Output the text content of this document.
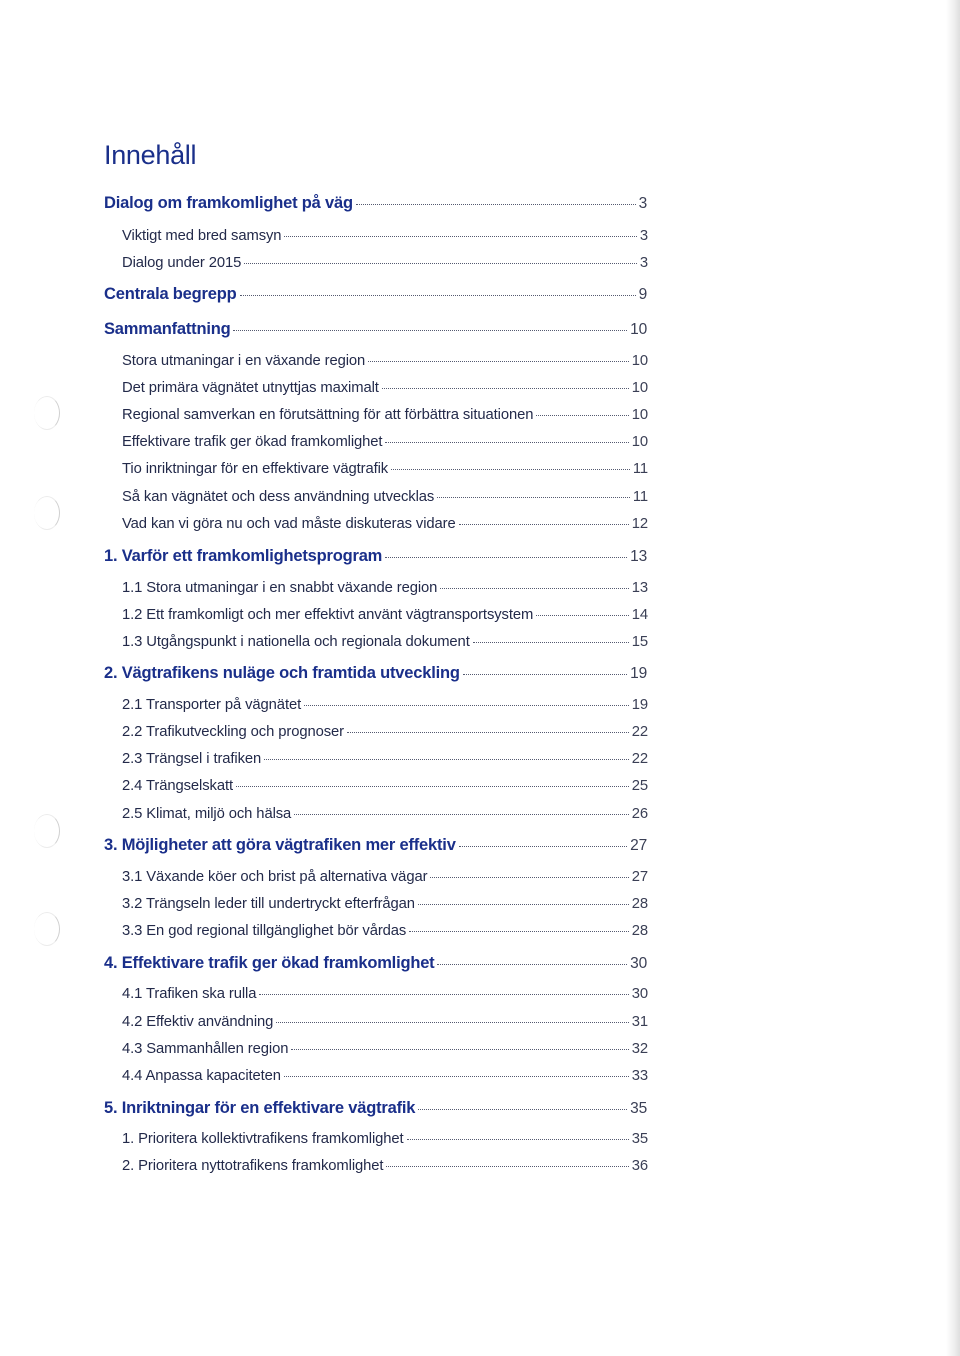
Innehåll
Dialog om framkomlighet på väg	3
Viktigt med bred samsyn	3
Dialog under 2015	3
Centrala begrepp	9
Sammanfattning	10
Stora utmaningar i en växande region	10
Det primära vägnätet utnyttjas maximalt	10
Regional samverkan en förutsättning för att förbättra situationen	10
Effektivare trafik ger ökad framkomlighet	10
Tio inriktningar för en effektivare vägtrafik	11
Så kan vägnätet och dess användning utvecklas	11
Vad kan vi göra nu och vad måste diskuteras vidare	12
1. Varför ett framkomlighetsprogram	13
1.1 Stora utmaningar i en snabbt växande region	13
1.2 Ett framkomligt och mer effektivt använt vägtransportsystem	14
1.3 Utgångspunkt i nationella och regionala dokument	15
2. Vägtrafikens nuläge och framtida utveckling	19
2.1 Transporter på vägnätet	19
2.2 Trafikutveckling och prognoser	22
2.3 Trängsel i trafiken	22
2.4 Trängselskatt	25
2.5 Klimat, miljö och hälsa	26
3. Möjligheter att göra vägtrafiken mer effektiv	27
3.1 Växande köer och brist på alternativa vägar	27
3.2 Trängseln leder till undertryckt efterfrågan	28
3.3 En god regional tillgänglighet bör vårdas	28
4. Effektivare trafik ger ökad framkomlighet	30
4.1 Trafiken ska rulla	30
4.2 Effektiv användning	31
4.3 Sammanhållen region	32
4.4 Anpassa kapaciteten	33
5. Inriktningar för en effektivare vägtrafik	35
1. Prioritera kollektivtrafikens framkomlighet	35
2. Prioritera nyttotrafikens framkomlighet	36
